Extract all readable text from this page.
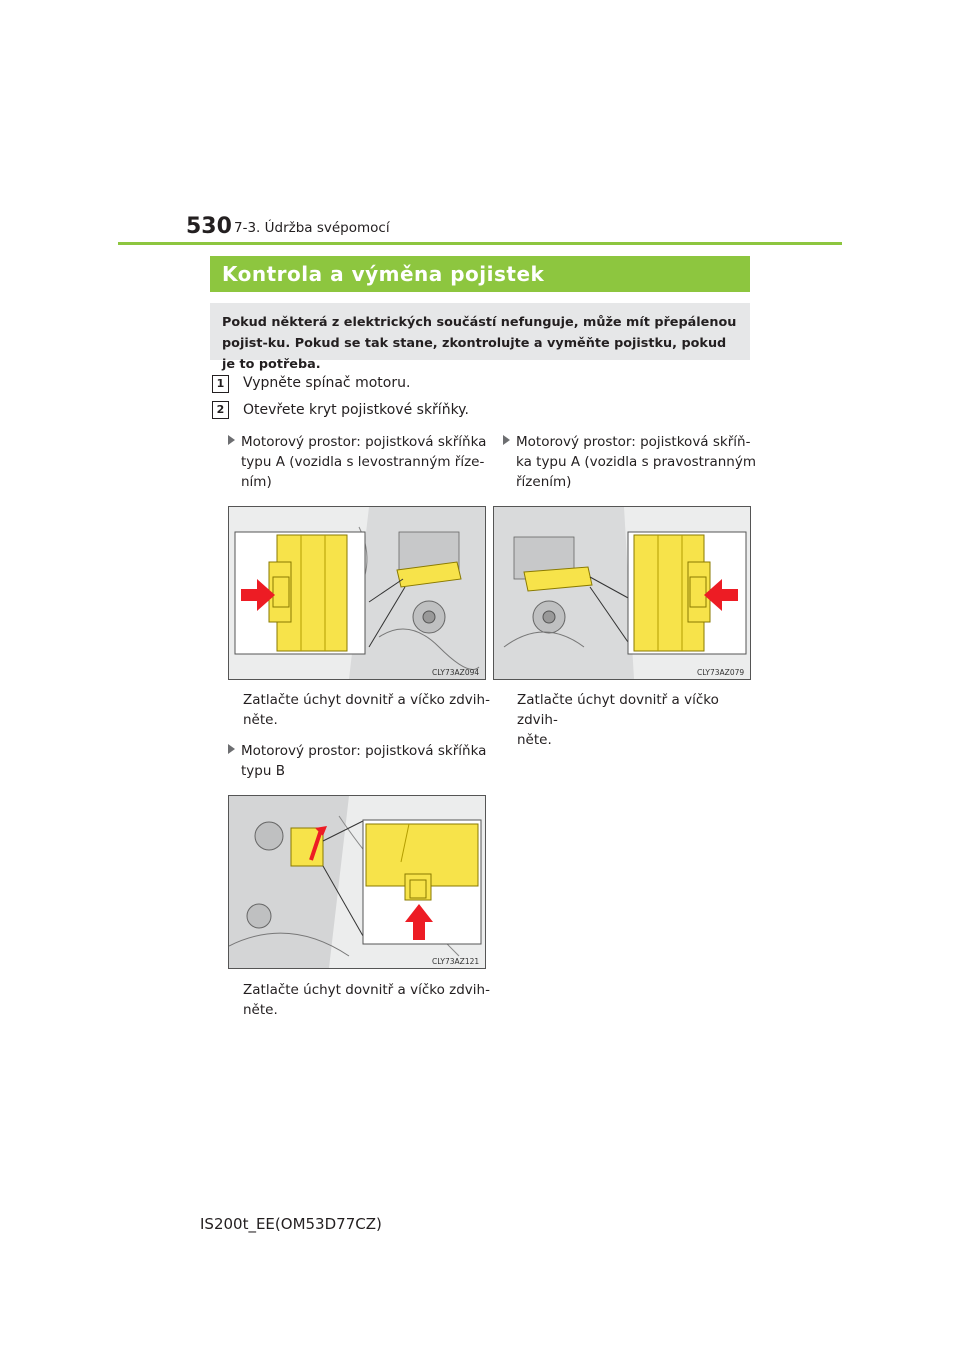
530 7-3. Údržba svépomocí
Kontrola a výměna pojistek

Pokud některá z elektrických součástí nefunguje, může mít přepálenou pojist-ku. Pokud se tak stane, zkontrolujte a vyměňte pojistku, pokud je to potřeba.

1	Vypněte spínač motoru.
2	Otevřete kryt pojistkové skříňky.
Motorový prostor: pojistková skříňka
typu A (vozidla s levostranným říze-
ním)
Motorový prostor: pojistková skříň-
ka typu A (vozidla s pravostranným
řízením)
CLY73AZ094	CLY73AZ079
Zatlačte úchyt dovnitř a víčko zdvih-
něte.
Zatlačte úchyt dovnitř a víčko zdvih-
něte.
Motorový prostor: pojistková skříňka
typu B
CLY73AZ121
Zatlačte úchyt dovnitř a víčko zdvih-
něte.
IS200t_EE(OM53D77CZ)
